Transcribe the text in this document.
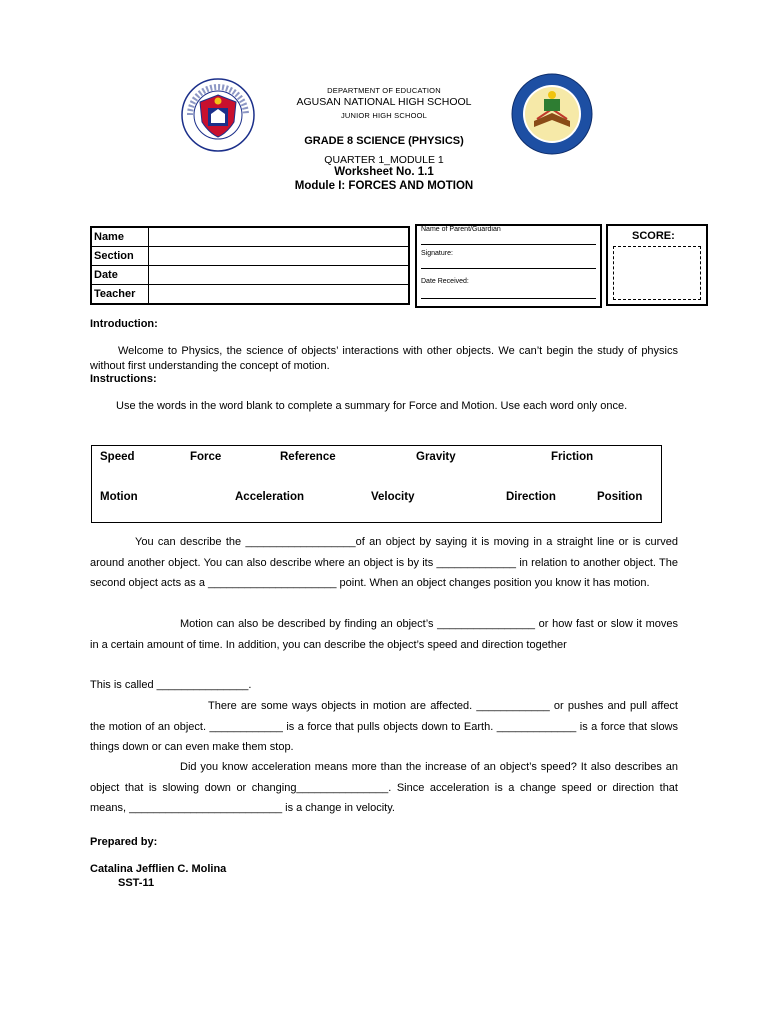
DEPARTMENT OF EDUCATION
AGUSAN NATIONAL HIGH SCHOOL
JUNIOR HIGH SCHOOL
GRADE 8 SCIENCE (PHYSICS)
QUARTER 1_MODULE 1
Worksheet No. 1.1
Module I: FORCES AND MOTION
Name	
Section	
Date	
Teacher	
Name of Parent/Guardian
Signature:
Date Received:
SCORE:
Introduction:
Welcome to Physics, the science of objects’ interactions with other objects. We can’t begin the study of physics without first understanding the concept of motion.
Instructions:
Use the words in the word blank to complete a summary for Force and Motion. Use each word only once.
Speed	Force	Reference	Gravity	Friction
Motion	Acceleration	Velocity	Direction	Position
You can describe the __________________of an object by saying it is moving in a straight line or is curved around another object. You can also describe where an object is by its _____________ in relation to another object. The second object acts as a _____________________ point. When an object changes position you know it has motion.
Motion can also be described by finding an object’s ________________ or how fast or slow it moves in a certain amount of time. In addition, you can describe the object’s speed and direction together
This is called _______________.
There are some ways objects in motion are affected. ____________ or pushes and pull affect the motion of an object. ____________ is a force that pulls objects down to Earth. _____________ is a force that slows things down or can even make them stop.
Did you know acceleration means more than the increase of an object’s speed? It also describes an object that is slowing down or changing_______________. Since acceleration is a change speed or direction that means, _________________________ is a change in velocity.
Prepared by:
Catalina Jefflien C. Molina
SST-11
